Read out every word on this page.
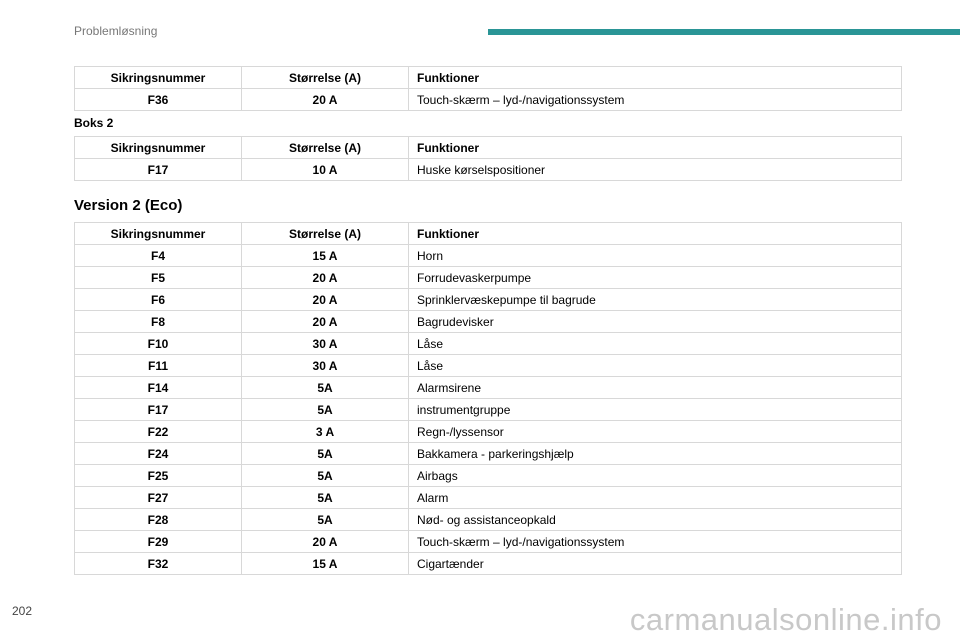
Problemløsning
Sikringsnummer	Størrelse (A)	Funktioner
F36	20 A	Touch-skærm – lyd-/navigationssystem
Boks 2
Sikringsnummer	Størrelse (A)	Funktioner
F17	10 A	Huske kørselspositioner
Version 2 (Eco)
Sikringsnummer	Størrelse (A)	Funktioner
F4	15 A	Horn
F5	20 A	Forrudevaskerpumpe
F6	20 A	Sprinklervæskepumpe til bagrude
F8	20 A	Bagrudevisker
F10	30 A	Låse
F11	30 A	Låse
F14	5A	Alarmsirene
F17	5A	instrumentgruppe
F22	3 A	Regn-/lyssensor
F24	5A	Bakkamera - parkeringshjælp
F25	5A	Airbags
F27	5A	Alarm
F28	5A	Nød- og assistanceopkald
F29	20 A	Touch-skærm – lyd-/navigationssystem
F32	15 A	Cigartænder
202	carmanualsonline.info
